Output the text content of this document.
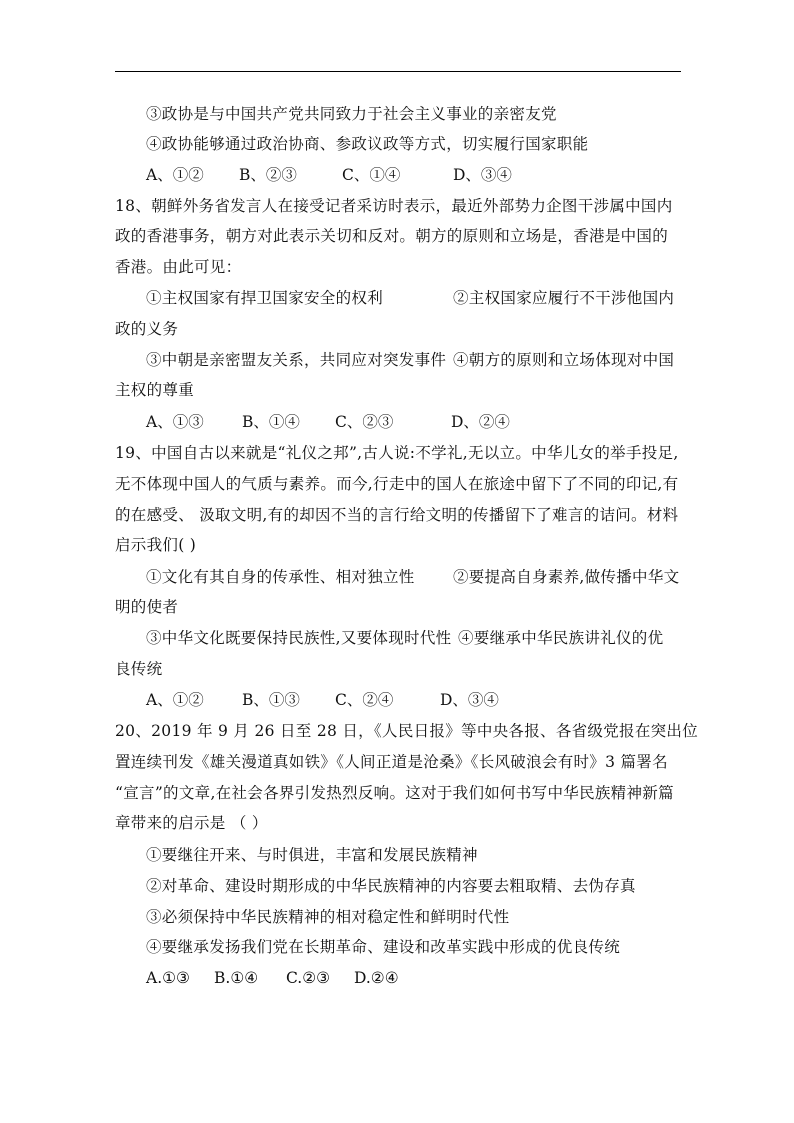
③政协是与中国共产党共同致力于社会主义事业的亲密友党
④政协能够通过政治协商、参政议政等方式，切实履行国家职能
A、①② B、②③	C、①④	D、③④
18、朝鲜外务省发言人在接受记者采访时表示，最近外部势力企图干涉属中国内
政的香港事务，朝方对此表示关切和反对。朝方的原则和立场是，香港是中国的
香港。由此可见：
①主权国家有捍卫国家安全的权利	②主权国家应履行不干涉他国内
政的义务
③中朝是亲密盟友关系，共同应对突发事件 ④朝方的原则和立场体现对中国
主权的尊重
A、①③ B、①④ C、②③	D、②④
19、中国自古以来就是“礼仪之邦”,古人说:不学礼,无以立。中华儿女的举手投足,
无不体现中国人的气质与素养。而今,行走中的国人在旅途中留下了不同的印记,有
的在感受、 汲取文明,有的却因不当的言行给文明的传播留下了难言的诘问。材料
启示我们( )
①文化有其自身的传承性、相对独立性 ②要提高自身素养,做传播中华文
明的使者
③中华文化既要保持民族性,又要体现时代性 ④要继承中华民族讲礼仪的优
良传统
A、①② B、①③ C、②④	D、③④
20、2019 年 9 月 26 日至 28 日，《人民日报》等中央各报、各省级党报在突出位
置连续刊发《雄关漫道真如铁》《人间正道是沧桑》《长风破浪会有时》3 篇署名
“宣言”的文章,在社会各界引发热烈反响。这对于我们如何书写中华民族精神新篇
章带来的启示是 （ ）
①要继往开来、与时俱进，丰富和发展民族精神
②对革命、建设时期形成的中华民族精神的内容要去粗取精、去伪存真
③必须保持中华民族精神的相对稳定性和鲜明时代性
④要继承发扬我们党在长期革命、建设和改革实践中形成的优良传统
A.①③ B.①④ C.②③ D.②④
